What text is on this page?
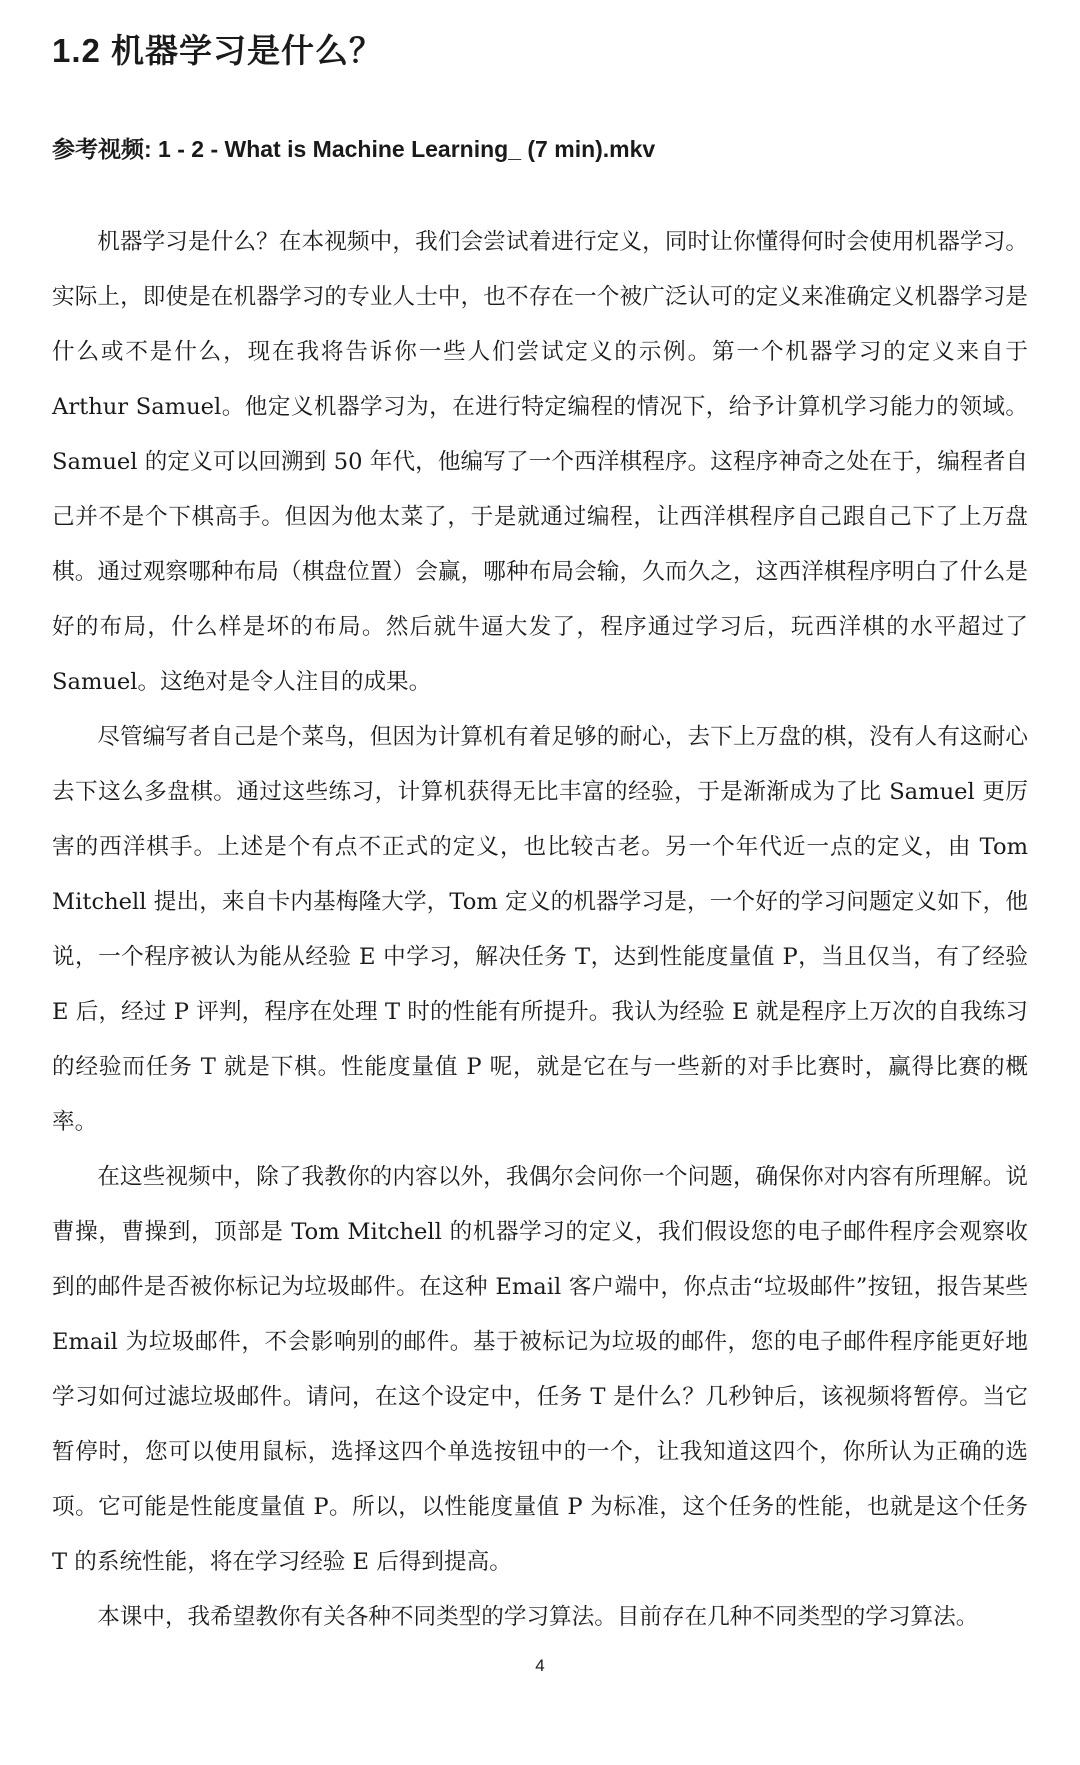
1.2 机器学习是什么？
参考视频: 1 - 2 - What is Machine Learning_ (7 min).mkv

机器学习是什么？在本视频中，我们会尝试着进行定义，同时让你懂得何时会使用机器学习。实际上，即使是在机器学习的专业人士中，也不存在一个被广泛认可的定义来准确定义机器学习是什么或不是什么，现在我将告诉你一些人们尝试定义的示例。第一个机器学习的定义来自于 Arthur Samuel。他定义机器学习为，在进行特定编程的情况下，给予计算机学习能力的领域。Samuel 的定义可以回溯到 50 年代，他编写了一个西洋棋程序。这程序神奇之处在于，编程者自己并不是个下棋高手。但因为他太菜了，于是就通过编程，让西洋棋程序自己跟自己下了上万盘棋。通过观察哪种布局（棋盘位置）会赢，哪种布局会输，久而久之，这西洋棋程序明白了什么是好的布局，什么样是坏的布局。然后就牛逼大发了，程序通过学习后，玩西洋棋的水平超过了 Samuel。这绝对是令人注目的成果。

尽管编写者自己是个菜鸟，但因为计算机有着足够的耐心，去下上万盘的棋，没有人有这耐心去下这么多盘棋。通过这些练习，计算机获得无比丰富的经验，于是渐渐成为了比 Samuel 更厉害的西洋棋手。上述是个有点不正式的定义，也比较古老。另一个年代近一点的定义，由 Tom Mitchell 提出，来自卡内基梅隆大学，Tom 定义的机器学习是，一个好的学习问题定义如下，他说，一个程序被认为能从经验 E 中学习，解决任务 T，达到性能度量值 P，当且仅当，有了经验 E 后，经过 P 评判，程序在处理 T 时的性能有所提升。我认为经验 E 就是程序上万次的自我练习的经验而任务 T 就是下棋。性能度量值 P 呢，就是它在与一些新的对手比赛时，赢得比赛的概率。

在这些视频中，除了我教你的内容以外，我偶尔会问你一个问题，确保你对内容有所理解。说曹操，曹操到，顶部是 Tom Mitchell 的机器学习的定义，我们假设您的电子邮件程序会观察收到的邮件是否被你标记为垃圾邮件。在这种 Email 客户端中，你点击“垃圾邮件”按钮，报告某些 Email 为垃圾邮件，不会影响别的邮件。基于被标记为垃圾的邮件，您的电子邮件程序能更好地学习如何过滤垃圾邮件。请问，在这个设定中，任务 T 是什么？几秒钟后，该视频将暂停。当它暂停时，您可以使用鼠标，选择这四个单选按钮中的一个，让我知道这四个，你所认为正确的选项。它可能是性能度量值 P。所以，以性能度量值 P 为标准，这个任务的性能，也就是这个任务 T 的系统性能，将在学习经验 E 后得到提高。

本课中，我希望教你有关各种不同类型的学习算法。目前存在几种不同类型的学习算法。

4
